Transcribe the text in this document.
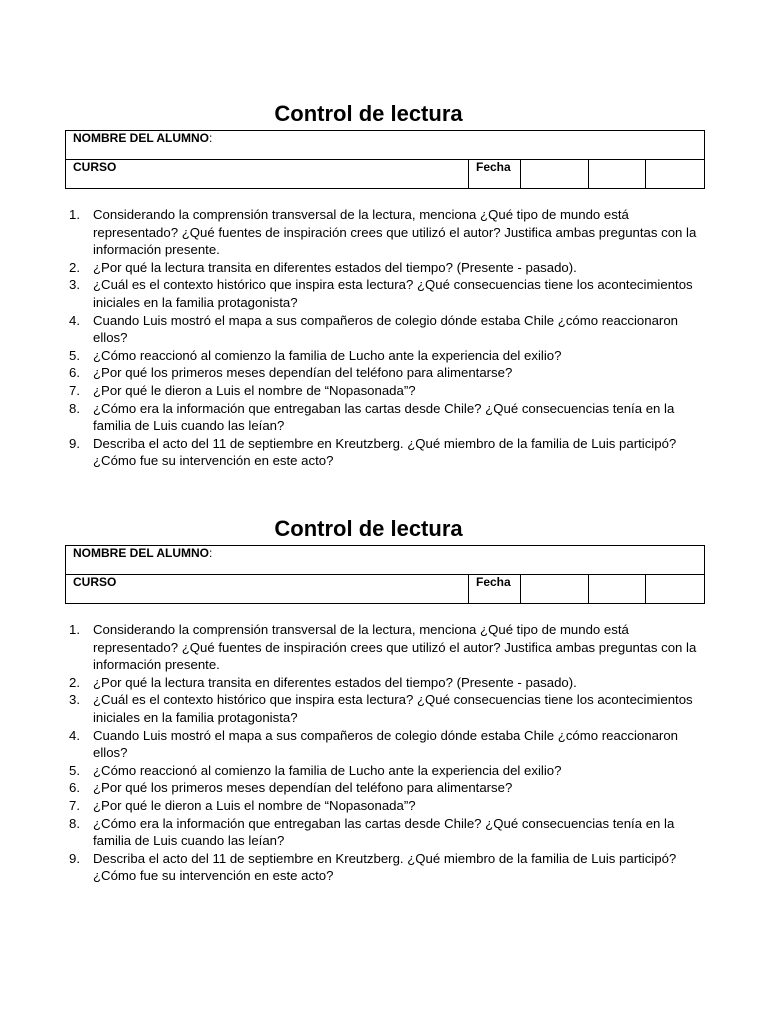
Control de lectura
NOMBRE DEL ALUMNO:
CURSO	Fecha			
1. Considerando la comprensión transversal de la lectura, menciona ¿Qué tipo de mundo está representado? ¿Qué fuentes de inspiración crees que utilizó el autor? Justifica ambas preguntas con la información presente.
2. ¿Por qué la lectura transita en diferentes estados del tiempo? (Presente - pasado).
3. ¿Cuál es el contexto histórico que inspira esta lectura? ¿Qué consecuencias tiene los acontecimientos iniciales en la familia protagonista?
4. Cuando Luis mostró el mapa a sus compañeros de colegio dónde estaba Chile ¿cómo reaccionaron ellos?
5. ¿Cómo reaccionó al comienzo la familia de Lucho ante la experiencia del exilio?
6. ¿Por qué los primeros meses dependían del teléfono para alimentarse?
7. ¿Por qué le dieron a Luis el nombre de “Nopasonada”?
8. ¿Cómo era la información que entregaban las cartas desde Chile? ¿Qué consecuencias tenía en la familia de Luis cuando las leían?
9. Describa el acto del 11 de septiembre en Kreutzberg. ¿Qué miembro de la familia de Luis participó? ¿Cómo fue su intervención en este acto?
Control de lectura
NOMBRE DEL ALUMNO:
CURSO	Fecha			
1. Considerando la comprensión transversal de la lectura, menciona ¿Qué tipo de mundo está representado? ¿Qué fuentes de inspiración crees que utilizó el autor? Justifica ambas preguntas con la información presente.
2. ¿Por qué la lectura transita en diferentes estados del tiempo? (Presente - pasado).
3. ¿Cuál es el contexto histórico que inspira esta lectura? ¿Qué consecuencias tiene los acontecimientos iniciales en la familia protagonista?
4. Cuando Luis mostró el mapa a sus compañeros de colegio dónde estaba Chile ¿cómo reaccionaron ellos?
5. ¿Cómo reaccionó al comienzo la familia de Lucho ante la experiencia del exilio?
6. ¿Por qué los primeros meses dependían del teléfono para alimentarse?
7. ¿Por qué le dieron a Luis el nombre de “Nopasonada”?
8. ¿Cómo era la información que entregaban las cartas desde Chile? ¿Qué consecuencias tenía en la familia de Luis cuando las leían?
9. Describa el acto del 11 de septiembre en Kreutzberg. ¿Qué miembro de la familia de Luis participó? ¿Cómo fue su intervención en este acto?
